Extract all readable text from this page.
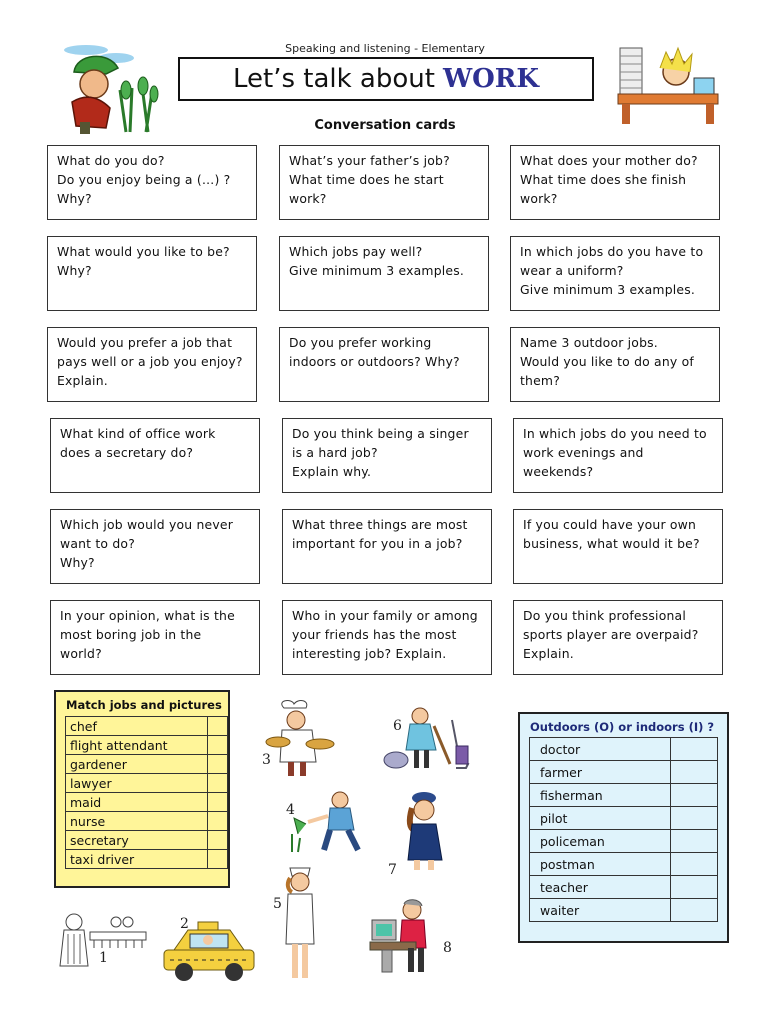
Speaking and listening - Elementary
Let’s talk about WORK
Conversation cards
What do you do?
Do you enjoy being a (…) ?
Why?
What’s your father’s job?
What time does he start
work?
What does your mother do?
What time does she finish
work?
What would you like to be?
Why?
Which jobs pay well?
Give minimum 3 examples.
In which jobs do you have to
wear a uniform?
Give minimum 3 examples.
Would you prefer a job that
pays well or a job you enjoy?
Explain.
Do you prefer working
indoors or outdoors? Why?
Name 3 outdoor jobs.
Would you like to do any of
them?
What kind of office work
does a secretary do?
Do you think being a singer
is a hard job?
Explain why.
In which jobs do you need to
work evenings and
weekends?
Which job would you never
want to do?
Why?
What three things are most
important for you in a job?
If you could have your own
business, what would it be?
In your opinion, what is the
most boring job in the
world?
Who in your family or among
your friends has the most
interesting job? Explain.
Do you think professional
sports player are overpaid?
Explain.
Match jobs and pictures
chef	
flight attendant	
gardener	
lawyer	
maid	
nurse	
secretary	
taxi driver	
Outdoors (O) or indoors (I) ?
doctor	
farmer	
fisherman	
pilot	
policeman	
postman	
teacher	
waiter	
1
2
3
4
5
6
7
8
